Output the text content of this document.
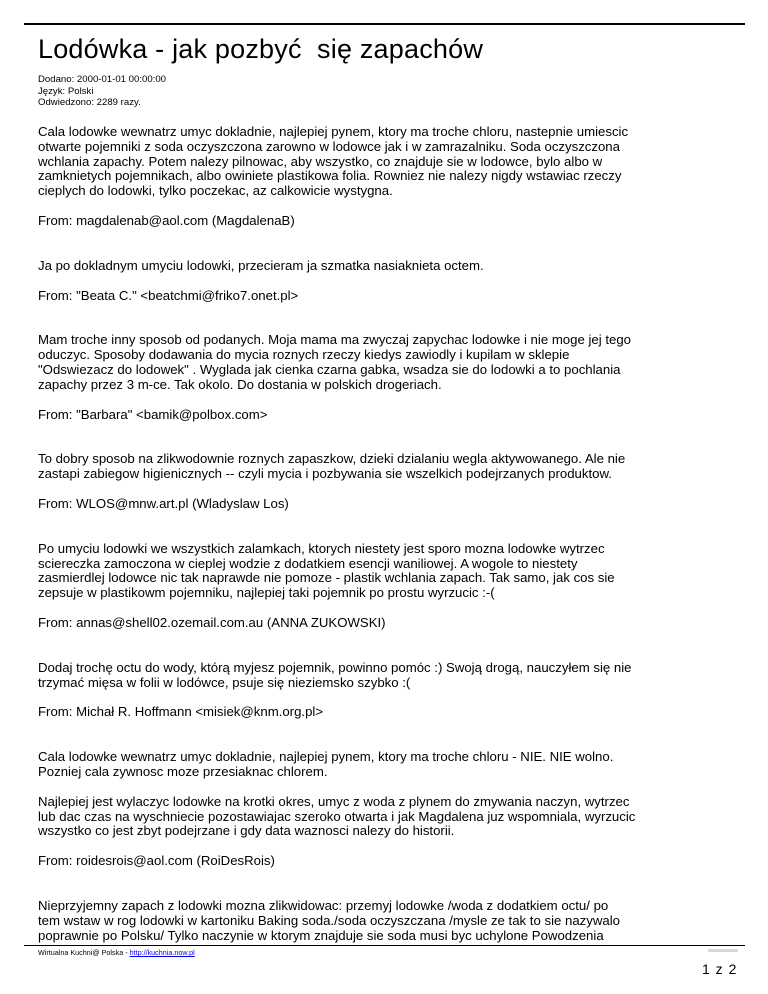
Lodówka - jak pozbyć  się zapachów
Dodano: 2000-01-01 00:00:00
Język: Polski
Odwiedzono: 2289 razy.

Cala lodowke wewnatrz umyc dokladnie, najlepiej pynem, ktory ma troche chloru, nastepnie umiescic
otwarte pojemniki z soda oczyszczona zarowno w lodowce jak i w zamrazalniku. Soda oczyszczona
wchlania zapachy. Potem nalezy pilnowac, aby wszystko, co znajduje sie w lodowce, bylo albo w
zamknietych pojemnikach, albo owiniete plastikowa folia. Rowniez nie nalezy nigdy wstawiac rzeczy
cieplych do lodowki, tylko poczekac, az calkowicie wystygna.

From: magdalenab@aol.com (MagdalenaB)

Ja po dokladnym umyciu lodowki, przecieram ja szmatka nasiaknieta octem.

From: "Beata C." <beatchmi@friko7.onet.pl>

Mam troche inny sposob od podanych. Moja mama ma zwyczaj zapychac lodowke i nie moge jej tego
oduczyc. Sposoby dodawania do mycia roznych rzeczy kiedys zawiodly i kupilam w sklepie
"Odswiezacz do lodowek" . Wyglada jak cienka czarna gabka, wsadza sie do lodowki a to pochlania
zapachy przez 3 m-ce. Tak okolo. Do dostania w polskich drogeriach.

From: "Barbara" <bamik@polbox.com>

To dobry sposob na zlikwodownie roznych zapaszkow, dzieki dzialaniu wegla aktywowanego. Ale nie
zastapi zabiegow higienicznych -- czyli mycia i pozbywania sie wszelkich podejrzanych produktow.

From: WLOS@mnw.art.pl (Wladyslaw Los)

Po umyciu lodowki we wszystkich zalamkach, ktorych niestety jest sporo mozna lodowke wytrzec
sciereczka zamoczona w cieplej wodzie z dodatkiem esencji waniliowej. A wogole to niestety
zasmierdlej lodowce nic tak naprawde nie pomoze - plastik wchlania zapach. Tak samo, jak cos sie
zepsuje w plastikowm pojemniku, najlepiej taki pojemnik po prostu wyrzucic :-(

From: annas@shell02.ozemail.com.au (ANNA ZUKOWSKI)

Dodaj trochę octu do wody, którą myjesz pojemnik, powinno pomóc :) Swoją drogą, nauczyłem się nie
trzymać mięsa w folii w lodówce, psuje się nieziemsko szybko :(

From: Michał R. Hoffmann <misiek@knm.org.pl>

Cala lodowke wewnatrz umyc dokladnie, najlepiej pynem, ktory ma troche chloru - NIE. NIE wolno.
Pozniej cala zywnosc moze przesiaknac chlorem.

Najlepiej jest wylaczyc lodowke na krotki okres, umyc z woda z plynem do zmywania naczyn, wytrzec
lub dac czas na wyschniecie pozostawiajac szeroko otwarta i jak Magdalena juz wspomniala, wyrzucic
wszystko co jest zbyt podejrzane i gdy data waznosci nalezy do historii.

From: roidesrois@aol.com (RoiDesRois)

Nieprzyjemny zapach z lodowki mozna zlikwidowac: przemyj lodowke /woda z dodatkiem octu/ po
tem wstaw w rog lodowki w kartoniku Baking soda./soda oczyszczana /mysle ze tak to sie nazywalo
poprawnie po Polsku/ Tylko naczynie w ktorym znajduje sie soda musi byc uchylone Powodzenia

Wirtualna Kuchni@ Polska - http://kuchnia.now.pl
1 z 2
